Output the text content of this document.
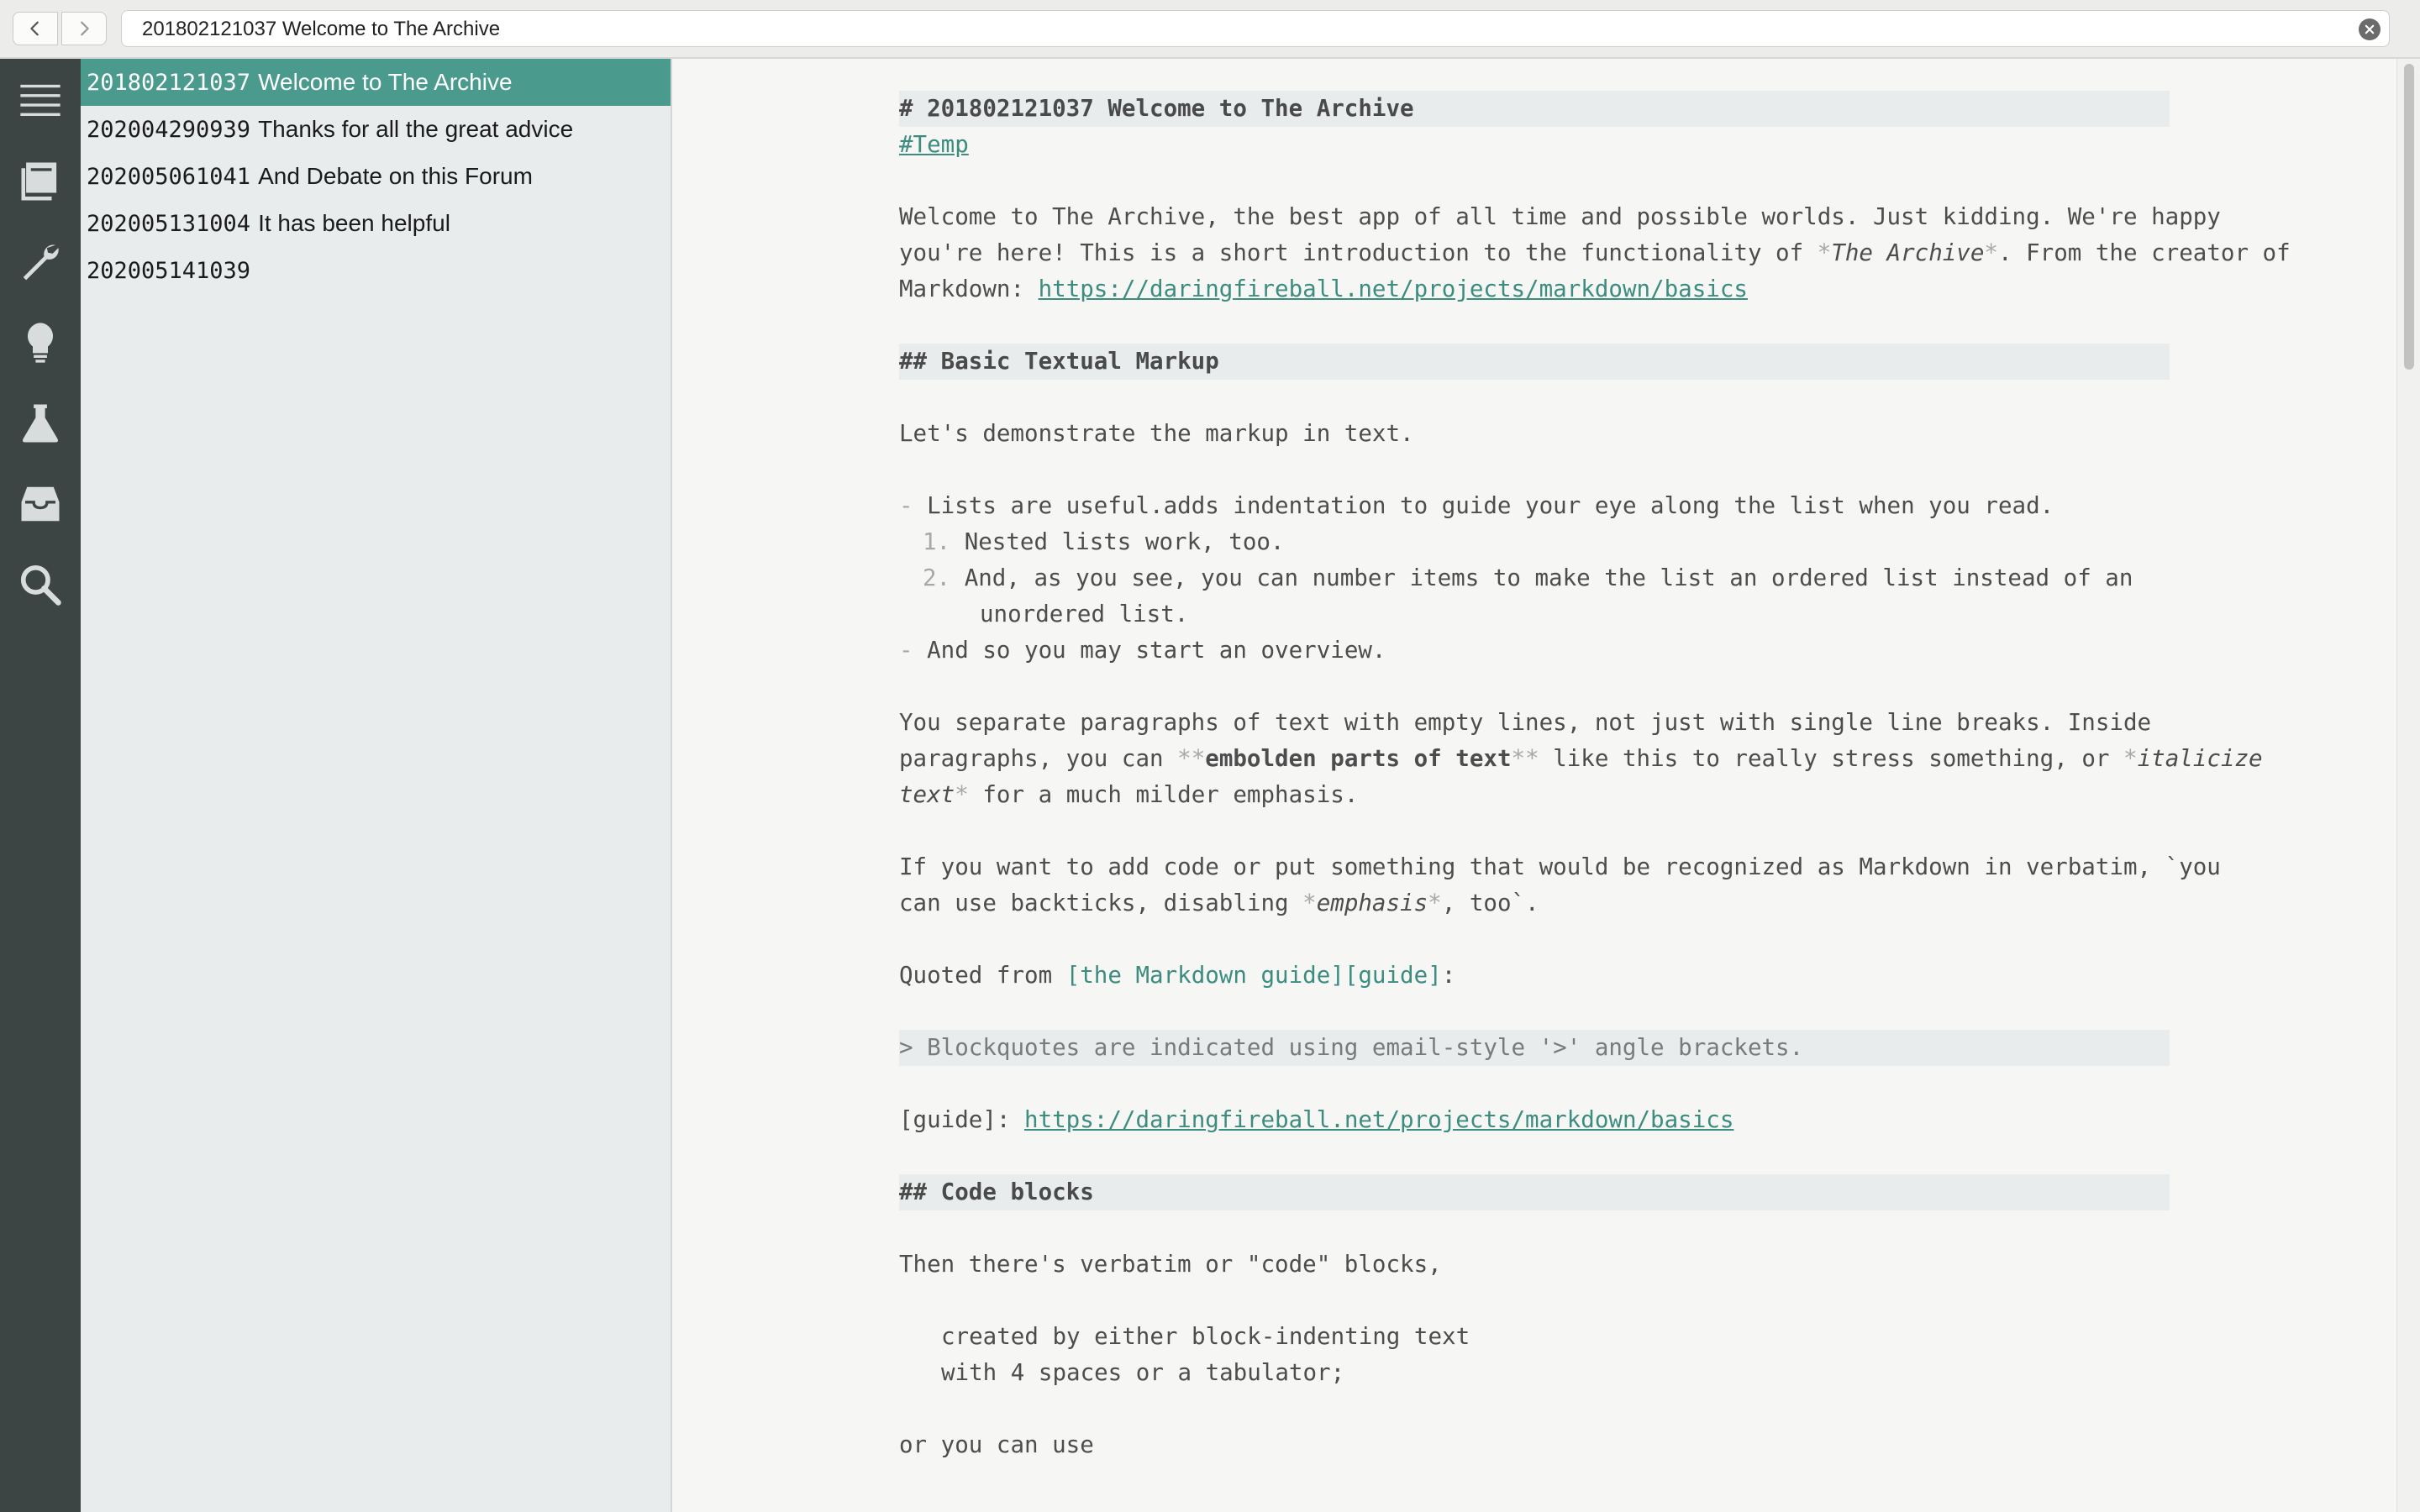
201802121037 Welcome to The Archive
201802121037 Welcome to The Archive
202004290939 Thanks for all the great advice
202005061041 And Debate on this Forum
202005131004 It has been helpful
202005141039
# 201802121037 Welcome to The Archive
#Temp
Welcome to The Archive, the best app of all time and possible worlds. Just kidding. We're happy
you're here! This is a short introduction to the functionality of *The Archive*. From the creator of
Markdown: https://daringfireball.net/projects/markdown/basics
## Basic Textual Markup
Let's demonstrate the markup in text.
- Lists are useful.adds indentation to guide your eye along the list when you read.
1. Nested lists work, too.
2. And, as you see, you can number items to make the list an ordered list instead of an
unordered list.
- And so you may start an overview.
You separate paragraphs of text with empty lines, not just with single line breaks. Inside
paragraphs, you can **embolden parts of text** like this to really stress something, or *italicize
text* for a much milder emphasis.
If you want to add code or put something that would be recognized as Markdown in verbatim, `you
can use backticks, disabling *emphasis*, too`.
Quoted from [the Markdown guide][guide]:
> Blockquotes are indicated using email-style '>' angle brackets.
[guide]: https://daringfireball.net/projects/markdown/basics
## Code blocks
Then there's verbatim or "code" blocks,
created by either block-indenting text
with 4 spaces or a tabulator;
or you can use
